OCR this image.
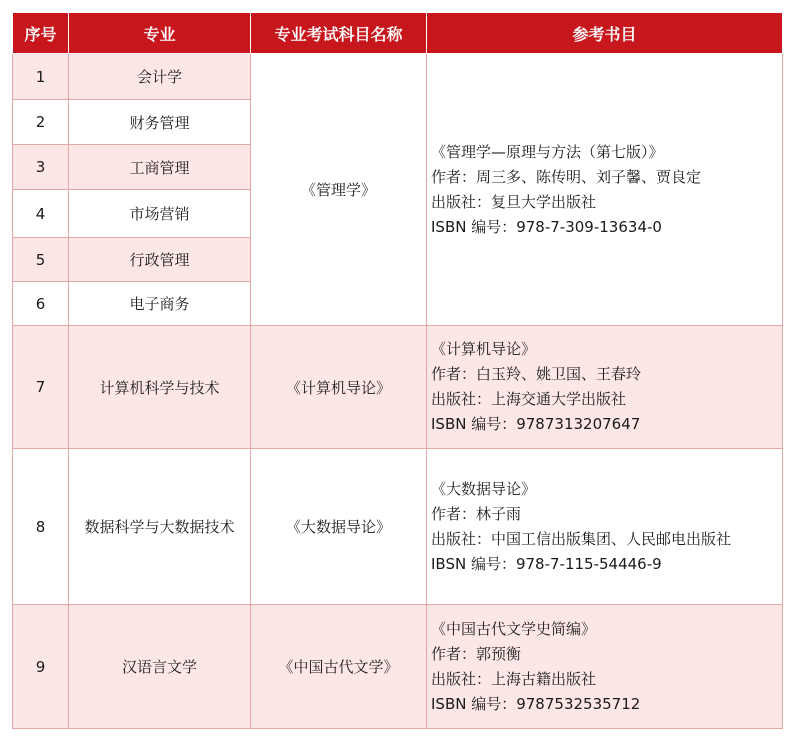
序号	专业	专业考试科目名称	参考书目
1	会计学	《管理学》	《管理学—原理与方法（第七版）》
作者：周三多、陈传明、刘子馨、贾良定
出版社：复旦大学出版社
ISBN 编号：978-7-309-13634-0

2	财务管理		
3	工商管理		
4	市场营销		
5	行政管理		
6	电子商务		
7	计算机科学与技术	《计算机导论》	《计算机导论》
作者：白玉羚、姚卫国、王春玲
出版社：上海交通大学出版社
ISBN 编号：9787313207647

8	数据科学与大数据技术	《大数据导论》	《大数据导论》
作者：林子雨
出版社：中国工信出版集团、人民邮电出版社
IBSN 编号：978-7-115-54446-9

9	汉语言文学	《中国古代文学》	《中国古代文学史简编》
作者：郭预衡
出版社：上海古籍出版社
ISBN 编号：9787532535712
